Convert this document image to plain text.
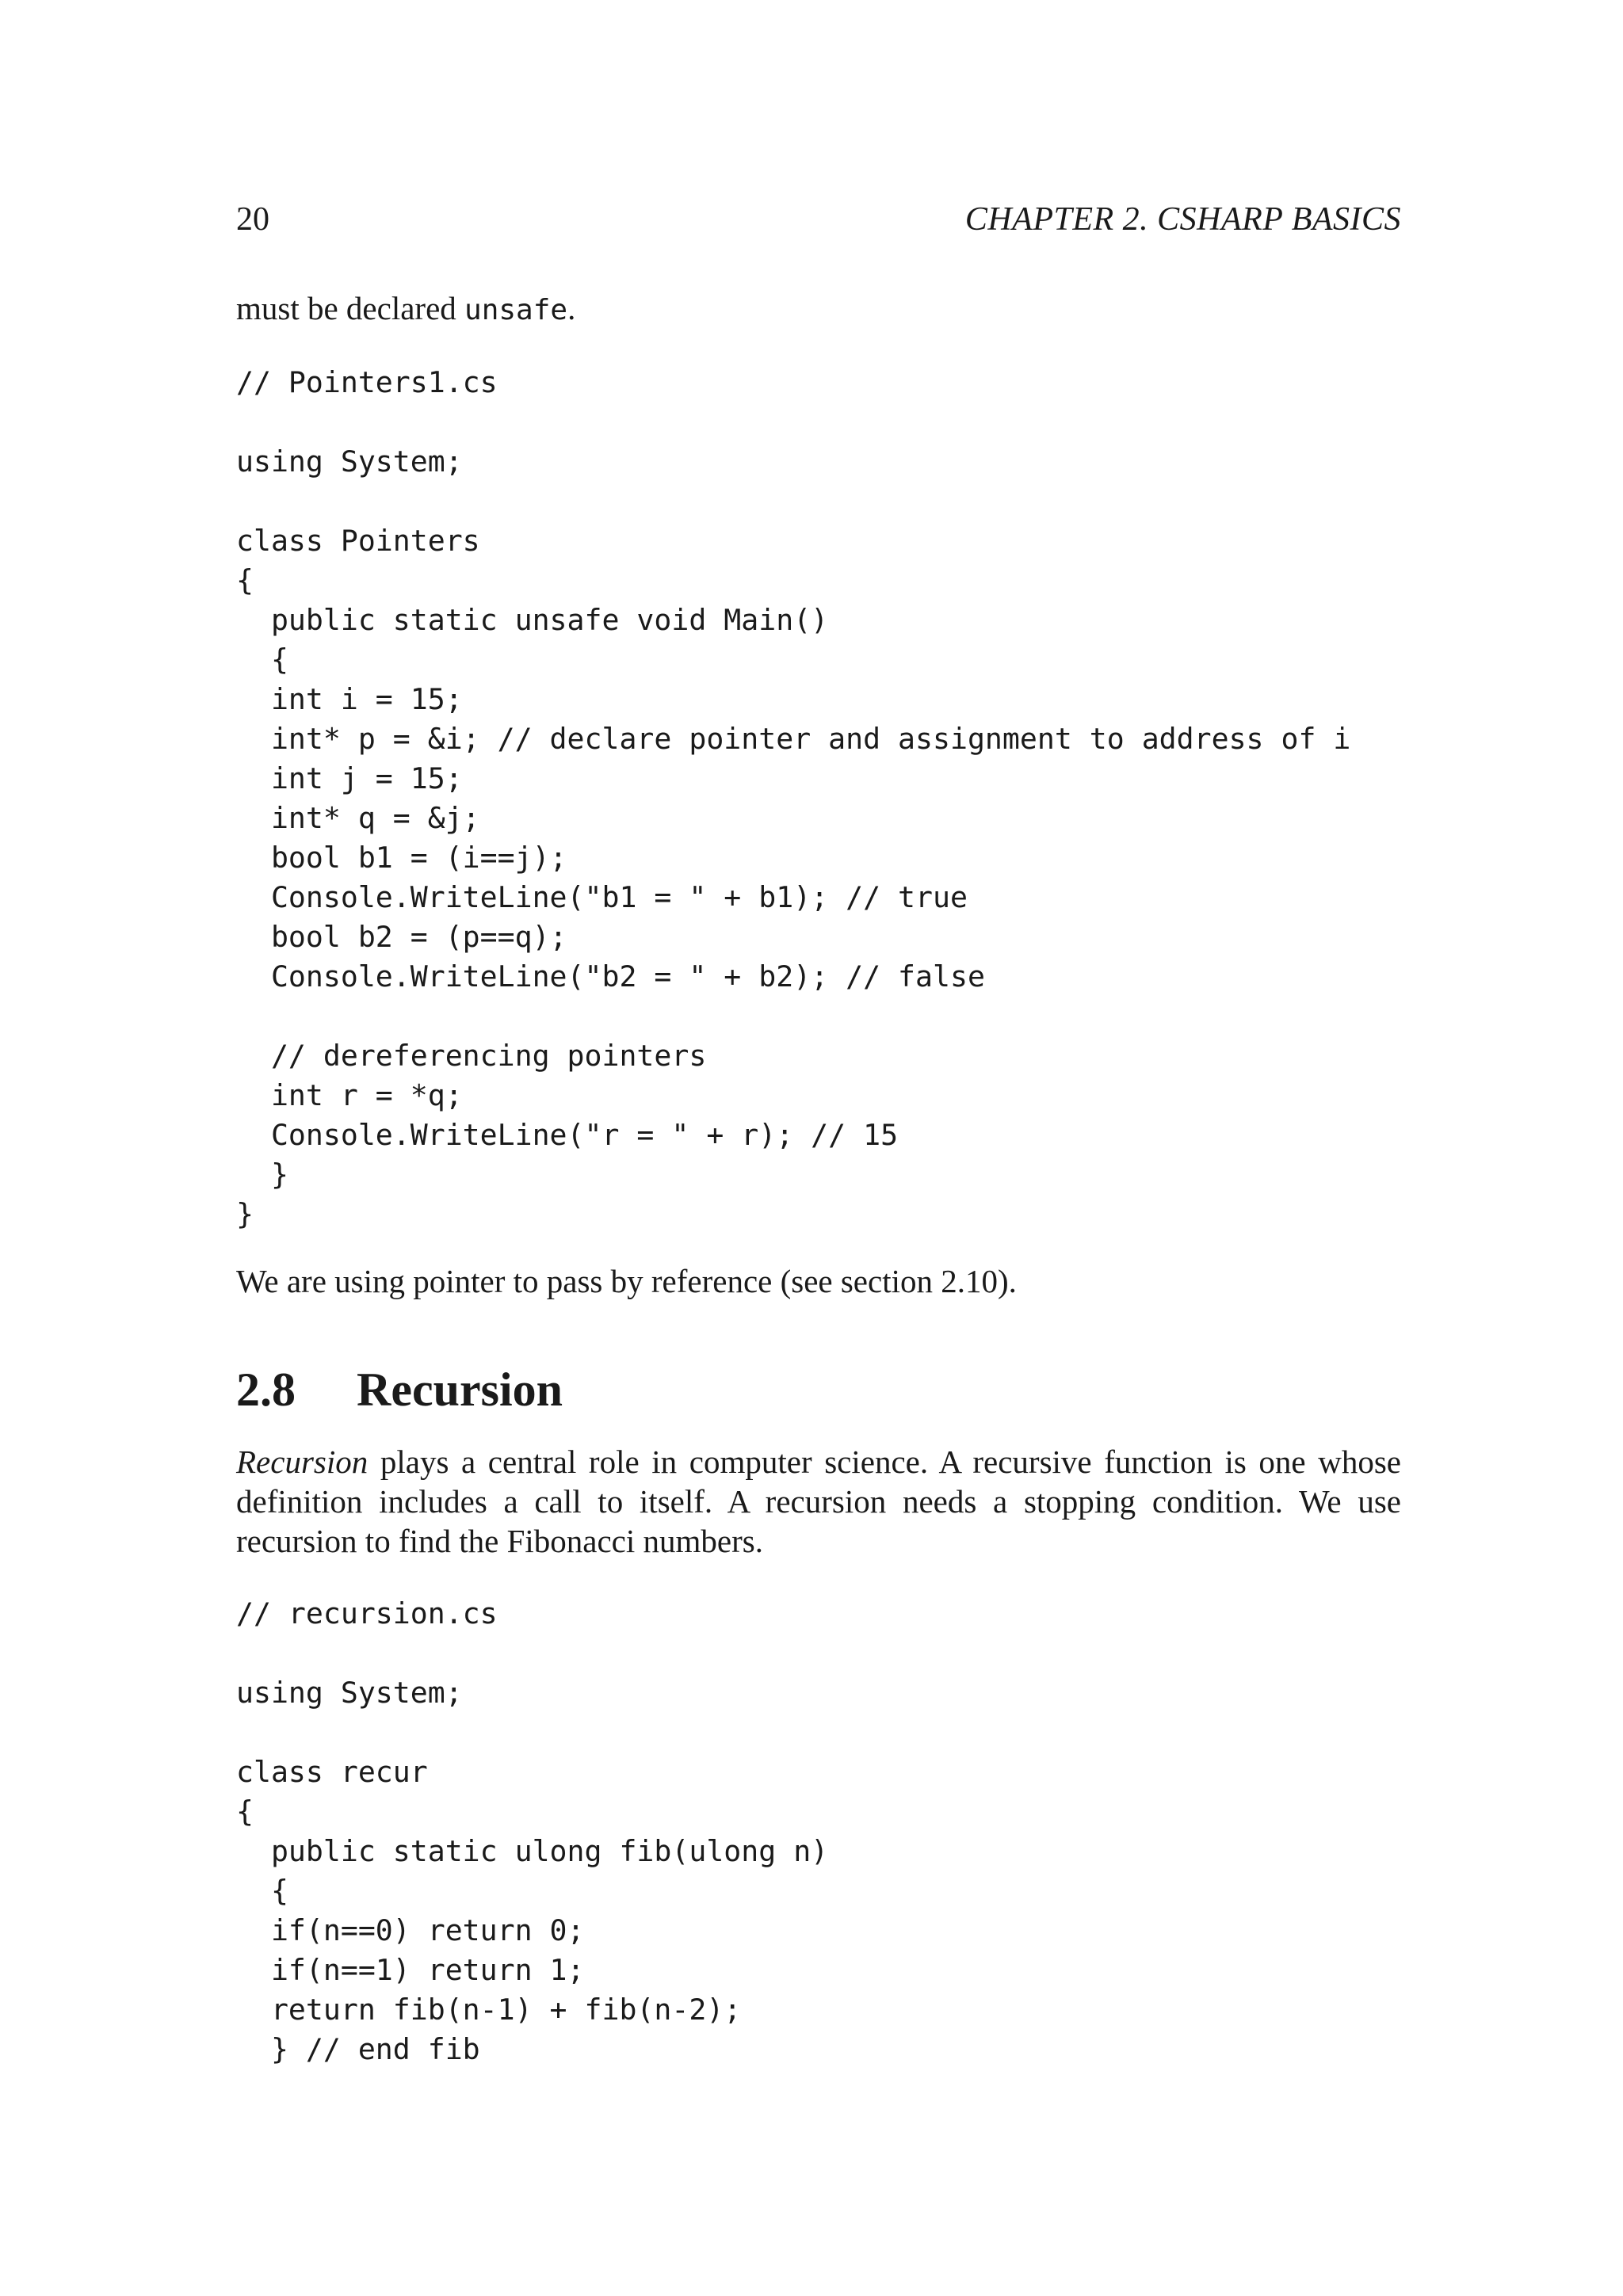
20	CHAPTER 2. CSHARP BASICS

must be declared unsafe.

// Pointers1.cs

using System;

class Pointers
{
public static unsafe void Main()
{
int i = 15;
int* p = &i; // declare pointer and assignment to address of i
int j = 15;
int* q = &j;
bool b1 = (i==j);
Console.WriteLine("b1 = " + b1); // true
bool b2 = (p==q);
Console.WriteLine("b2 = " + b2); // false

// dereferencing pointers
int r = *q;
Console.WriteLine("r = " + r); // 15
}
}

We are using pointer to pass by reference (see section 2.10).

2.8 Recursion

Recursion plays a central role in computer science. A recursive function is one whose definition includes a call to itself. A recursion needs a stopping condition. We use recursion to find the Fibonacci numbers.

// recursion.cs

using System;

class recur
{
public static ulong fib(ulong n)
{
if(n==0) return 0;
if(n==1) return 1;
return fib(n-1) + fib(n-2);
} // end fib
